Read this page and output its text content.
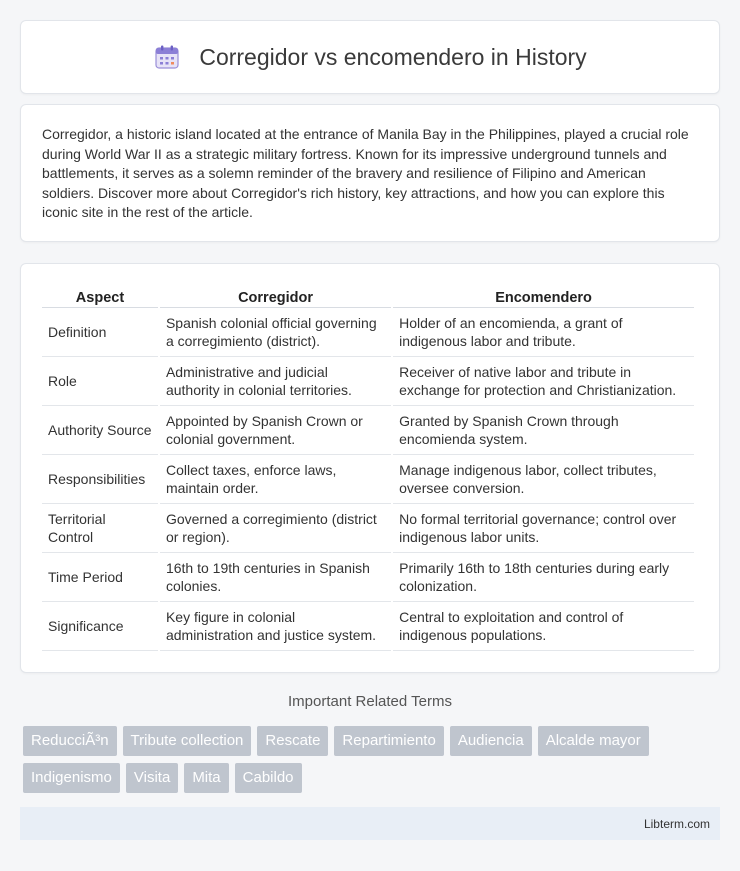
Corregidor vs encomendero in History

Corregidor, a historic island located at the entrance of Manila Bay in the Philippines, played a crucial role during World War II as a strategic military fortress. Known for its impressive underground tunnels and battlements, it serves as a solemn reminder of the bravery and resilience of Filipino and American soldiers. Discover more about Corregidor's rich history, key attractions, and how you can explore this iconic site in the rest of the article.

Aspect	Corregidor	Encomendero
Definition	Spanish colonial official governing a corregimiento (district).	Holder of an encomienda, a grant of indigenous labor and tribute.
Role	Administrative and judicial authority in colonial territories.	Receiver of native labor and tribute in exchange for protection and Christianization.
Authority Source	Appointed by Spanish Crown or colonial government.	Granted by Spanish Crown through encomienda system.
Responsibilities	Collect taxes, enforce laws, maintain order.	Manage indigenous labor, collect tributes, oversee conversion.
Territorial Control	Governed a corregimiento (district or region).	No formal territorial governance; control over indigenous labor units.
Time Period	16th to 19th centuries in Spanish colonies.	Primarily 16th to 18th centuries during early colonization.
Significance	Key figure in colonial administration and justice system.	Central to exploitation and control of indigenous populations.
Important Related Terms
ReducciÃ³n	Tribute collection	Rescate	Repartimiento	Audiencia	Alcalde mayor
Indigenismo	Visita	Mita	Cabildo
Libterm.com
